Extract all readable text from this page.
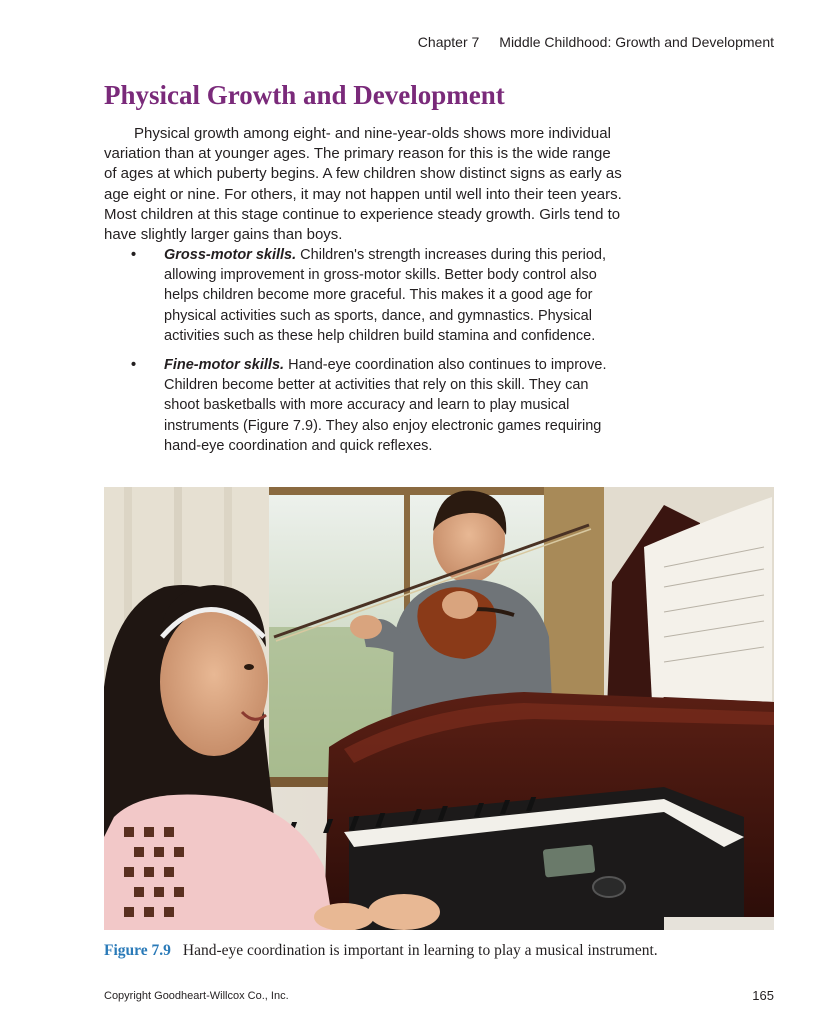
Chapter 7 Middle Childhood: Growth and Development
Physical Growth and Development

Physical growth among eight- and nine-year-olds shows more individual variation than at younger ages. The primary reason for this is the wide range of ages at which puberty begins. A few children show distinct signs as early as age eight or nine. For others, it may not happen until well into their teen years. Most children at this stage continue to experience steady growth. Girls tend to have slightly larger gains than boys.

• Gross-motor skills. Children's strength increases during this period, allowing improvement in gross-motor skills. Better body control also helps children become more graceful. This makes it a good age for physical activities such as sports, dance, and gymnastics. Physical activities such as these help children build stamina and confidence.
• Fine-motor skills. Hand-eye coordination also continues to improve. Children become better at activities that rely on this skill. They can shoot basketballs with more accuracy and learn to play musical instruments (Figure 7.9). They also enjoy electronic games requiring hand-eye coordination and quick reflexes.

Figure 7.9 Hand-eye coordination is important in learning to play a musical instrument.

Copyright Goodheart-Willcox Co., Inc.	165
